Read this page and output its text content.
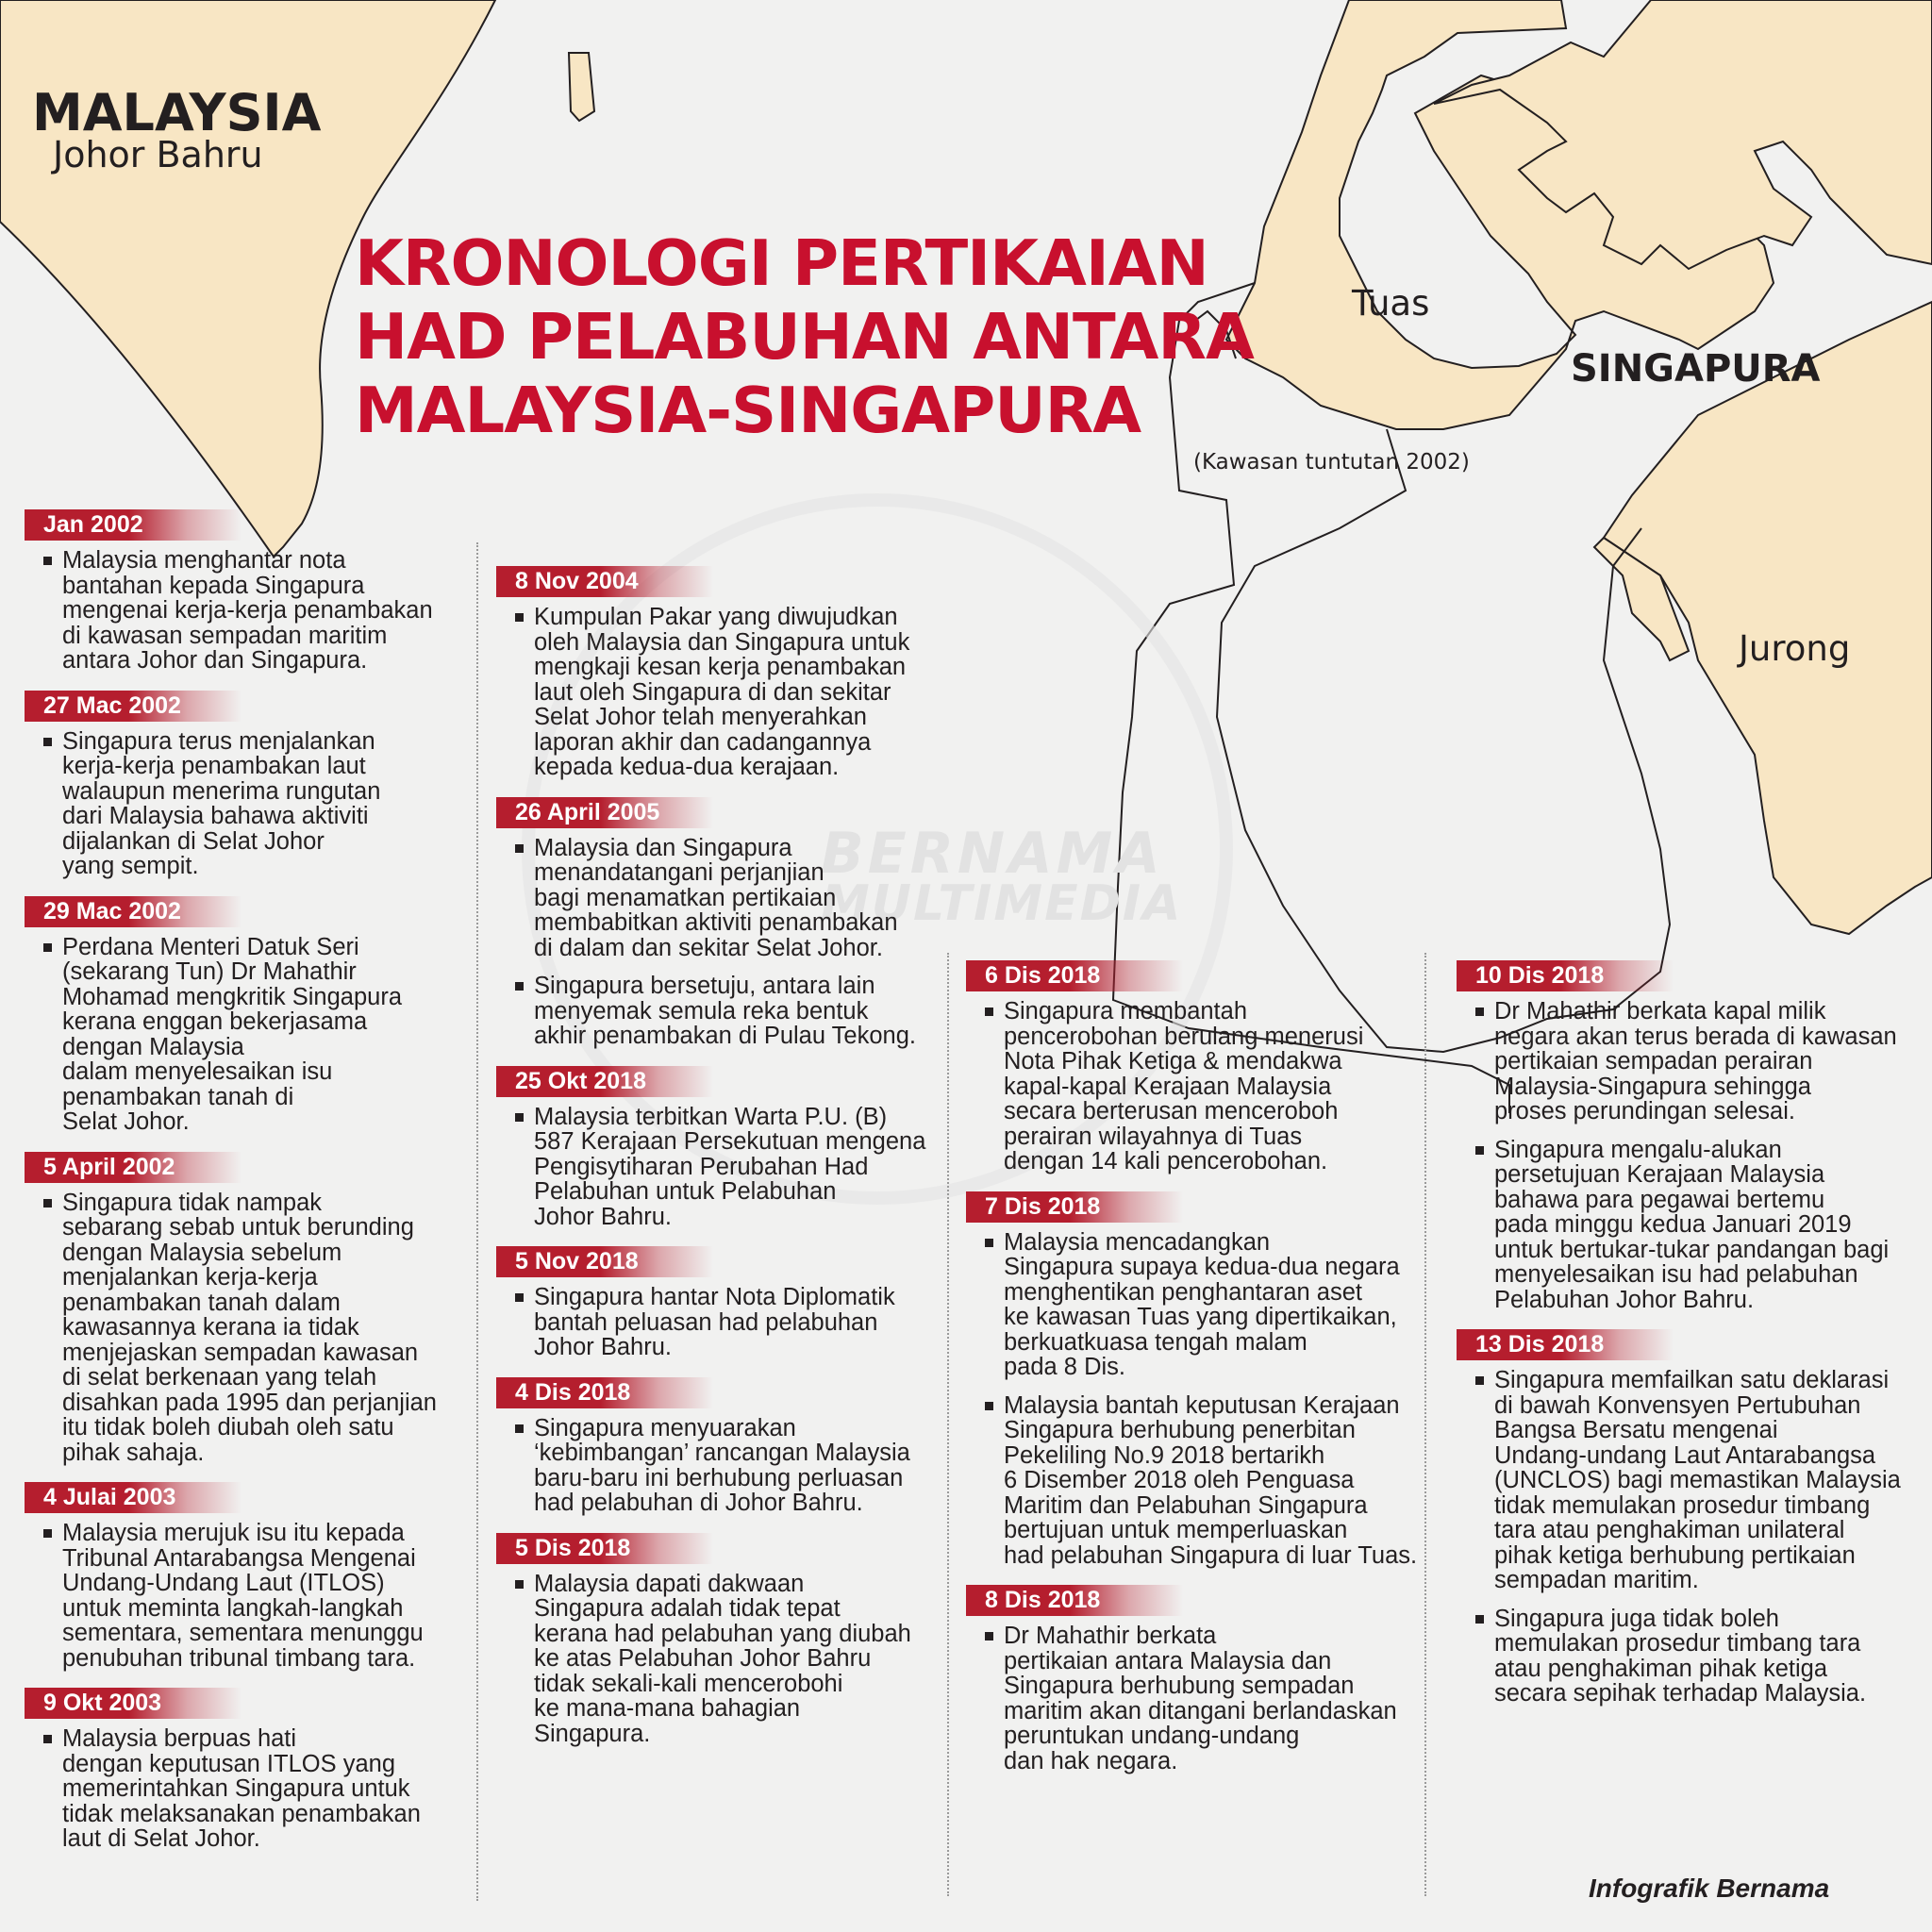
MALAYSIA
Johor Bahru
Tuas
SINGAPURA
Jurong
(Kawasan tuntutan 2002)
BERNAMA
MULTIMEDIA
KRONOLOGI PERTIKAIAN
HAD PELABUHAN ANTARA
MALAYSIA-SINGAPURA
Jan 2002
Malaysia menghantar nota
bantahan kepada Singapura
mengenai kerja-kerja penambakan
di kawasan sempadan maritim
antara Johor dan Singapura.
27 Mac 2002
Singapura terus menjalankan
kerja-kerja penambakan laut
walaupun menerima rungutan
dari Malaysia bahawa aktiviti
dijalankan di Selat Johor
yang sempit.
29 Mac 2002
Perdana Menteri Datuk Seri
(sekarang Tun) Dr Mahathir
Mohamad mengkritik Singapura
kerana enggan bekerjasama
dengan Malaysia
dalam menyelesaikan isu
penambakan tanah di
Selat Johor.
5 April 2002
Singapura tidak nampak
sebarang sebab untuk berunding
dengan Malaysia sebelum
menjalankan kerja-kerja
penambakan tanah dalam
kawasannya kerana ia tidak
menjejaskan sempadan kawasan
di selat berkenaan yang telah
disahkan pada 1995 dan perjanjian
itu tidak boleh diubah oleh satu
pihak sahaja.
4 Julai 2003
Malaysia merujuk isu itu kepada
Tribunal Antarabangsa Mengenai
Undang-Undang Laut (ITLOS)
untuk meminta langkah-langkah
sementara, sementara menunggu
penubuhan tribunal timbang tara.
9 Okt 2003
Malaysia berpuas hati
dengan keputusan ITLOS yang
memerintahkan Singapura untuk
tidak melaksanakan penambakan
laut di Selat Johor.
8 Nov 2004
Kumpulan Pakar yang diwujudkan
oleh Malaysia dan Singapura untuk
mengkaji kesan kerja penambakan
laut oleh Singapura di dan sekitar
Selat Johor telah menyerahkan
laporan akhir dan cadangannya
kepada kedua-dua kerajaan.
26 April 2005
Malaysia dan Singapura
menandatangani perjanjian
bagi menamatkan pertikaian
membabitkan aktiviti penambakan
di dalam dan sekitar Selat Johor.
Singapura bersetuju, antara lain
menyemak semula reka bentuk
akhir penambakan di Pulau Tekong.
25 Okt 2018
Malaysia terbitkan Warta P.U. (B)
587 Kerajaan Persekutuan mengena
Pengisytiharan Perubahan Had
Pelabuhan untuk Pelabuhan
Johor Bahru.
5 Nov 2018
Singapura hantar Nota Diplomatik
bantah peluasan had pelabuhan
Johor Bahru.
4 Dis 2018
Singapura menyuarakan
‘kebimbangan’ rancangan Malaysia
baru-baru ini berhubung perluasan
had pelabuhan di Johor Bahru.
5 Dis 2018
Malaysia dapati dakwaan
Singapura adalah tidak tepat
kerana had pelabuhan yang diubah
ke atas Pelabuhan Johor Bahru
tidak sekali-kali mencerobohi
ke mana-mana bahagian
Singapura.
6 Dis 2018
Singapura membantah
pencerobohan berulang menerusi
Nota Pihak Ketiga & mendakwa
kapal-kapal Kerajaan Malaysia
secara berterusan menceroboh
perairan wilayahnya di Tuas
dengan 14 kali pencerobohan.
7 Dis 2018
Malaysia mencadangkan
Singapura supaya kedua-dua negara
menghentikan penghantaran aset
ke kawasan Tuas yang dipertikaikan,
berkuatkuasa tengah malam
pada 8 Dis.
Malaysia bantah keputusan Kerajaan
Singapura berhubung penerbitan
Pekeliling No.9 2018 bertarikh
6 Disember 2018 oleh Penguasa
Maritim dan Pelabuhan Singapura
bertujuan untuk memperluaskan
had pelabuhan Singapura di luar Tuas.
8 Dis 2018
Dr Mahathir berkata
pertikaian antara Malaysia dan
Singapura berhubung sempadan
maritim akan ditangani berlandaskan
peruntukan undang-undang
dan hak negara.
10 Dis 2018
Dr Mahathir berkata kapal milik
negara akan terus berada di kawasan
pertikaian sempadan perairan
Malaysia-Singapura sehingga
proses perundingan selesai.
Singapura mengalu-alukan
persetujuan Kerajaan Malaysia
bahawa para pegawai bertemu
pada minggu kedua Januari 2019
untuk bertukar-tukar pandangan bagi
menyelesaikan isu had pelabuhan
Pelabuhan Johor Bahru.
13 Dis 2018
Singapura memfailkan satu deklarasi
di bawah Konvensyen Pertubuhan
Bangsa Bersatu mengenai
Undang-undang Laut Antarabangsa
(UNCLOS) bagi memastikan Malaysia
tidak memulakan prosedur timbang
tara atau penghakiman unilateral
pihak ketiga berhubung pertikaian
sempadan maritim.
Singapura juga tidak boleh
memulakan prosedur timbang tara
atau penghakiman pihak ketiga
secara sepihak terhadap Malaysia.
Infografik Bernama
